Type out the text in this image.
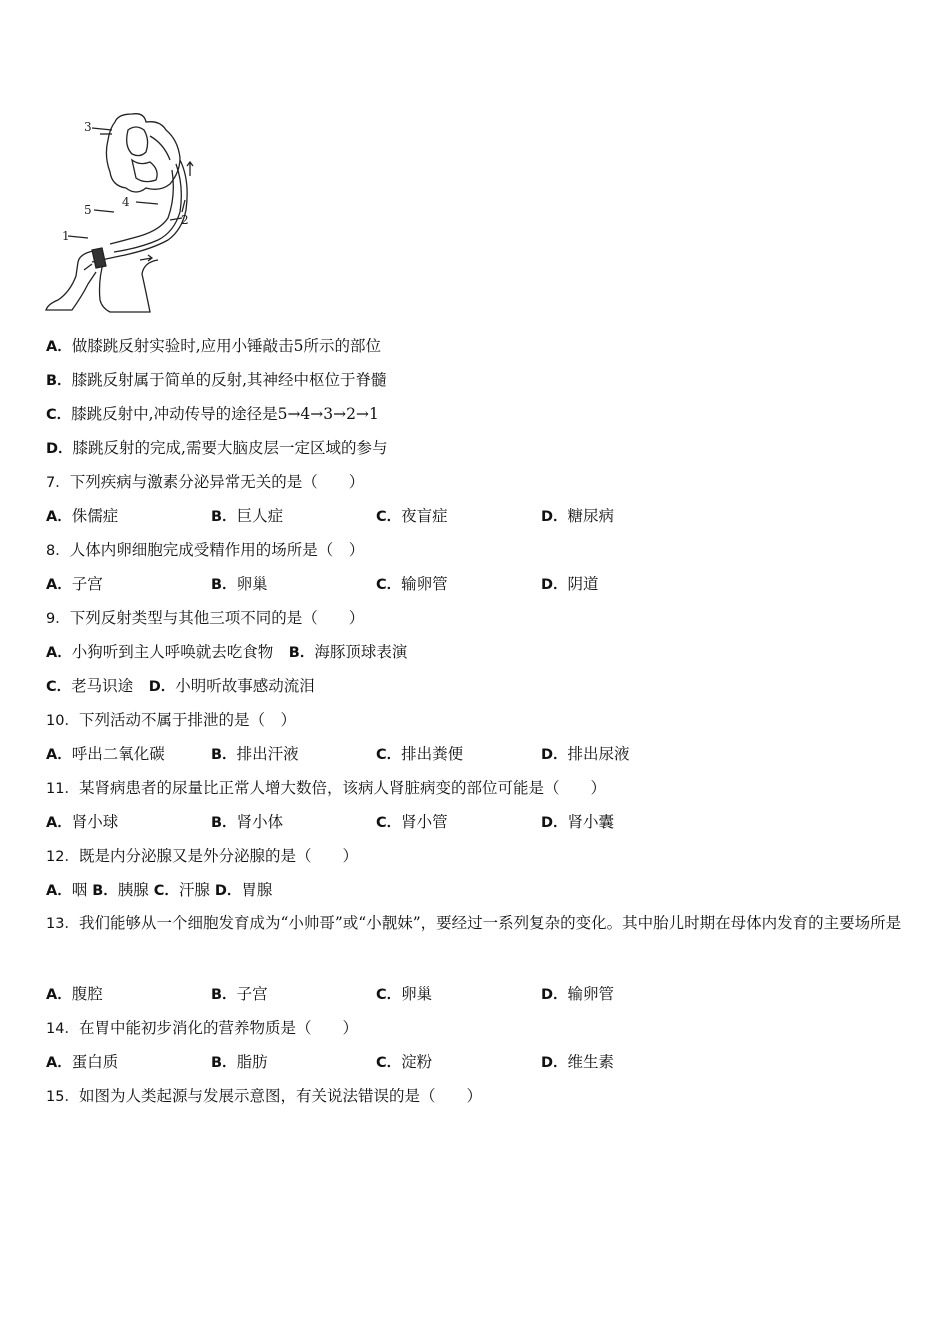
3
4
5
2
1
A．做膝跳反射实验时,应用小锤敲击5所示的部位
B．膝跳反射属于简单的反射,其神经中枢位于脊髓
C．膝跳反射中,冲动传导的途径是5→4→3→2→1
D．膝跳反射的完成,需要大脑皮层一定区域的参与
7．下列疾病与激素分泌异常无关的是（　　）
A．侏儒症	B．巨人症	C．夜盲症	D．糖尿病
8．人体内卵细胞完成受精作用的场所是（　）
A．子宫	B．卵巢	C．输卵管	D．阴道
9．下列反射类型与其他三项不同的是（　　）
A．小狗听到主人呼唤就去吃食物　 B．海豚顶球表演
C．老马识途　 D．小明听故事感动流泪
10．下列活动不属于排泄的是（　）
A．呼出二氧化碳	B．排出汗液	C．排出粪便	D．排出尿液
11．某肾病患者的尿量比正常人增大数倍，该病人肾脏病变的部位可能是（　　）
A．肾小球	B．肾小体	C．肾小管	D．肾小囊
12．既是内分泌腺又是外分泌腺的是（　　）
A．咽 B．胰腺 C．汗腺 D．胃腺
13．我们能够从一个细胞发育成为“小帅哥”或“小靓妹”，要经过一系列复杂的变化。其中胎儿时期在母体内发育的主要场所是
A．腹腔	B．子宫	C．卵巢	D．输卵管
14．在胃中能初步消化的营养物质是（　　）
A．蛋白质	B．脂肪	C．淀粉	D．维生素
15．如图为人类起源与发展示意图，有关说法错误的是（　　）
